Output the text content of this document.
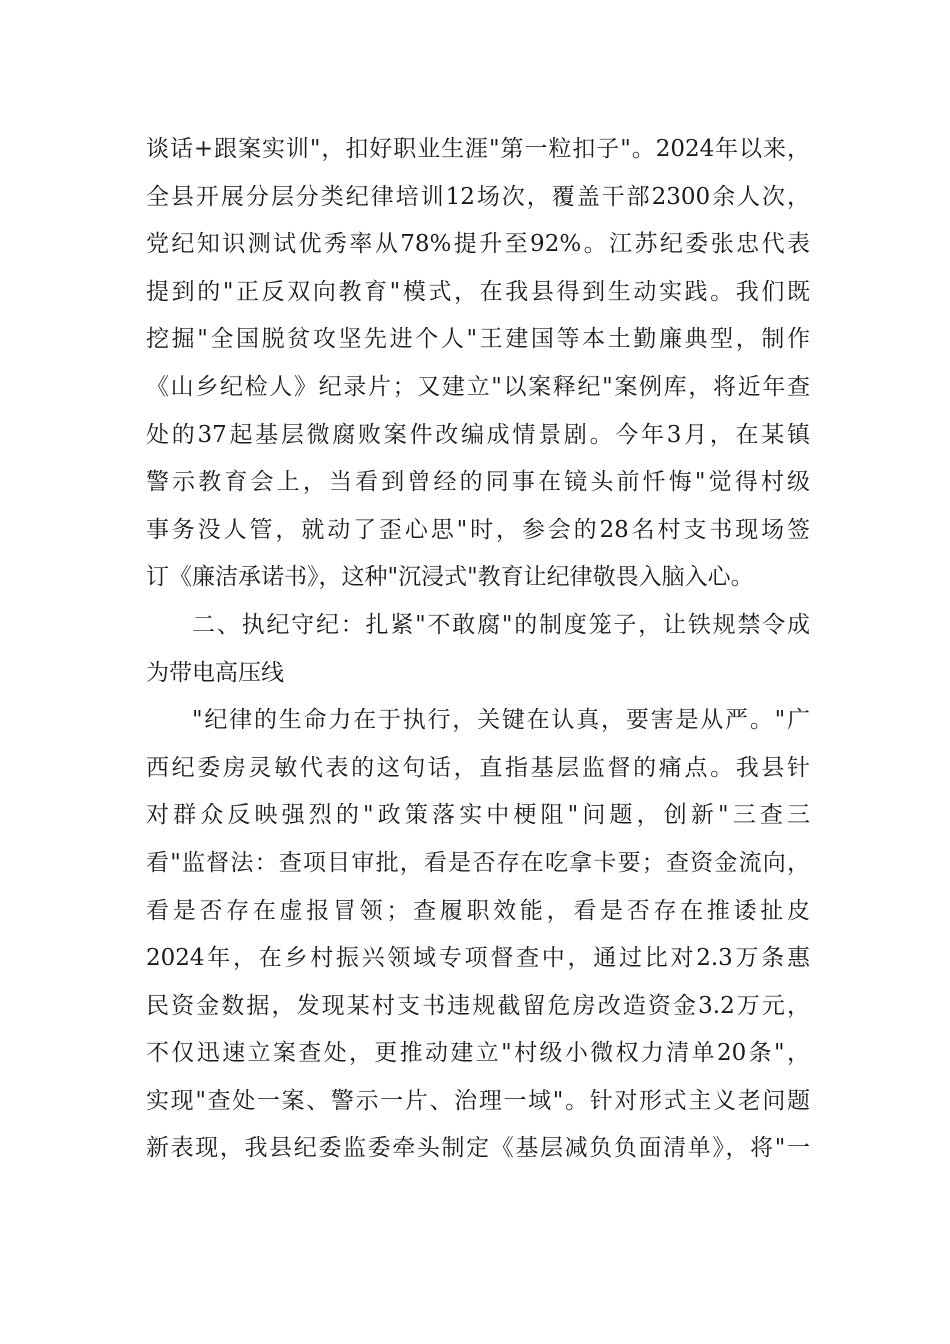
谈话+跟案实训"，扣好职业生涯"第一粒扣子"。2024年以来，
全县开展分层分类纪律培训12场次，覆盖干部2300余人次，
党纪知识测试优秀率从78%提升至92%。江苏纪委张忠代表
提到的"正反双向教育"模式，在我县得到生动实践。我们既
挖掘"全国脱贫攻坚先进个人"王建国等本土勤廉典型，制作
《山乡纪检人》纪录片；又建立"以案释纪"案例库，将近年查
处的37起基层微腐败案件改编成情景剧。今年3月，在某镇
警示教育会上，当看到曾经的同事在镜头前忏悔"觉得村级
事务没人管，就动了歪心思"时，参会的28名村支书现场签
订《廉洁承诺书》，这种"沉浸式"教育让纪律敬畏入脑入心。
二、执纪守纪：扎紧"不敢腐"的制度笼子，让铁规禁令成
为带电高压线
"纪律的生命力在于执行，关键在认真，要害是从严。"广
西纪委房灵敏代表的这句话，直指基层监督的痛点。我县针
对群众反映强烈的"政策落实中梗阻"问题，创新"三查三
看"监督法：查项目审批，看是否存在吃拿卡要；查资金流向，
看是否存在虚报冒领；查履职效能，看是否存在推诿扯皮
2024年，在乡村振兴领域专项督查中，通过比对2.3万条惠
民资金数据，发现某村支书违规截留危房改造资金3.2万元，
不仅迅速立案查处，更推动建立"村级小微权力清单20条"，
实现"查处一案、警示一片、治理一域"。针对形式主义老问题
新表现，我县纪委监委牵头制定《基层减负负面清单》，将"一
